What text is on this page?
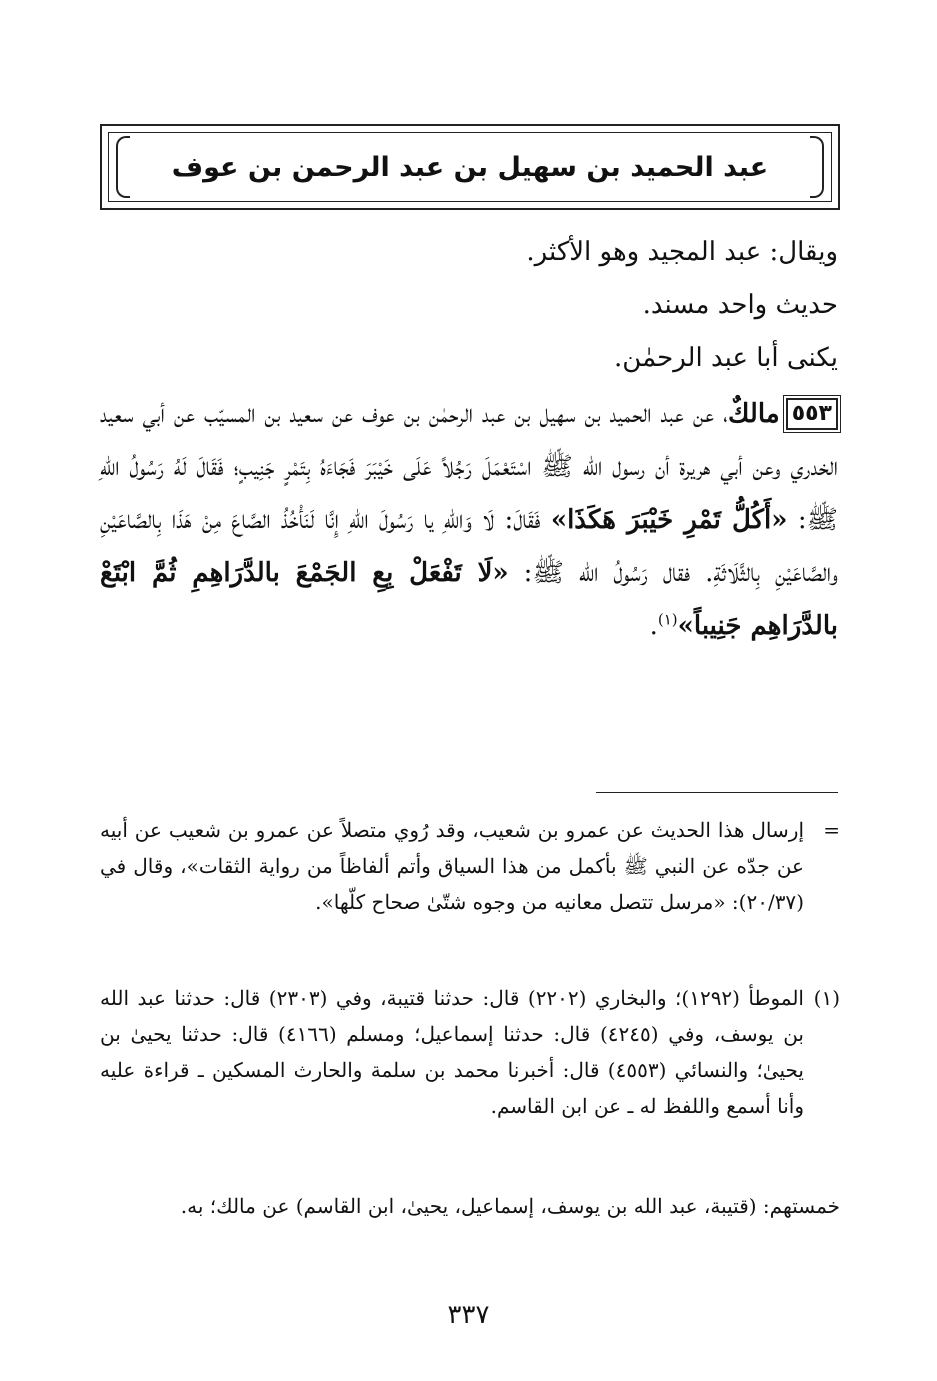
عبد الحميد بن سهيل بن عبد الرحمن بن عوف

ويقال: عبد المجيد وهو الأكثر.

حديث واحد مسند.

يكنى أبا عبد الرحمٰن.

٥٥٣مالكٌ، عن عبد الحميد بن سهيل بن عبد الرحمٰن بن عوف عن سعيد بن المسيّب عن أبي سعيد الخدري وعن أبي هريرة أن رسول الله ﷺ اسْتَعْمَلَ رَجُلاً عَلَى خَيْبَرَ فَجَاءَهُ بِتَمْرٍ جَنِيبٍ؛ فَقَالَ لَهُ رَسُولُ اللهِ ﷺ: «أَكُلُّ تَمْرِ خَيْبَرَ هَكَذَا» فَقَالَ: لَا وَاللهِ يا رَسُولَ اللهِ إِنَّا لَنَأْخُذُ الصَّاعَ مِنْ هَذَا بِالصَّاعَيْنِ والصَّاعَيْنِ بِالثَّلَاثَةِ. فقال رَسُولُ الله ﷺ: «لَا تَفْعَلْ بِعِ الجَمْعَ بالدَّرَاهِمِ ثُمَّ ابْتَعْ بالدَّرَاهِم جَنِيباً»$^{(١)}$.

=
إرسال هذا الحديث عن عمرو بن شعيب، وقد رُوي متصلاً عن عمرو بن شعيب عن أبيه عن جدّه عن النبي ﷺ بأكمل من هذا السياق وأتم ألفاظاً من رواية الثقات»، وقال في (٢٠/٣٧): «مرسل تتصل معانيه من وجوه شتّىٰ صحاح كلّها».
(١)
الموطأ (١٢٩٢)؛ والبخاري (٢٢٠٢) قال: حدثنا قتيبة، وفي (٢٣٠٣) قال: حدثنا عبد الله بن يوسف، وفي (٤٢٤٥) قال: حدثنا إسماعيل؛ ومسلم (٤١٦٦) قال: حدثنا يحيىٰ بن يحيىٰ؛ والنسائي (٤٥٥٣) قال: أخبرنا محمد بن سلمة والحارث المسكين ـ قراءة عليه وأنا أسمع واللفظ له ـ عن ابن القاسم.

خمستهم: (قتيبة، عبد الله بن يوسف، إسماعيل، يحيىٰ، ابن القاسم) عن مالك؛ به.

٣٣٧
